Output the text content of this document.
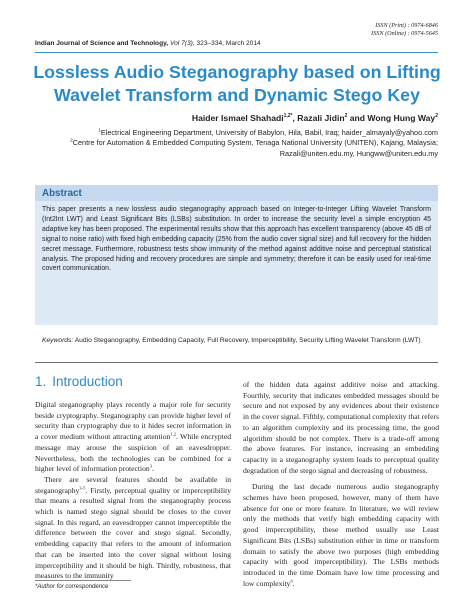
ISSN (Print) : 0974-6846
ISSN (Online) : 0974-5645
Indian Journal of Science and Technology, Vol 7(3), 323–334, March 2014
Lossless Audio Steganography based on Lifting
Wavelet Transform and Dynamic Stego Key
Haider Ismael Shahadi$^{1,2*}$, Razali Jidin$^2$ and Wong Hung Way$^2$
$^1$Electrical Engineering Department, University of Babylon, Hila, Babil, Iraq; haider_almayaly@yahoo.com
$^2$Centre for Automation & Embedded Computing System, Tenaga National University (UNITEN), Kajang, Malaysia;
Razali@uniten.edu.my, Hungww@uniten.edu.my
Abstract
This paper presents a new lossless audio steganography approach based on Integer-to-Integer Lifting Wavelet Transform (Int2Int LWT) and Least Significant Bits (LSBs) substitution. In order to increase the security level a simple encryption 45 adaptive key has been proposed. The experimental results show that this approach has excellent transparency (above 45 dB of signal to noise ratio) with fixed high embedding capacity (25% from the audio cover signal size) and full recovery for the hidden secret message. Furthermore, robustness tests show immunity of the method against additive noise and perceptual statistical analysis. The proposed hiding and recovery procedures are simple and symmetry; therefore it can be easily used for real-time covert communication.
Keywords: Audio Steganography, Embedding Capacity, Full Recovery, Imperceptibility, Security Lifting Wavelet Transform (LWT)
1. Introduction

Digital steganography plays recently a major role for security beside cryptography. Steganography can provide higher level of security than cryptography due to it hides secret information in a cover medium without attracting attention$^{1,2}$. While encrypted message may arouse the suspicion of an eavesdropper. Nevertheless, both the technologies can be combined for a higher level of information protection$^3$.

There are several features should be available in steganography$^{3-5}$. Firstly, perceptual quality or imperceptibility that means a resulted signal from the steganography process which is named stego signal should be closes to the cover signal. In this regard, an eavesdropper cannot imperceptible the difference between the cover and stego signal. Secondly, embedding capacity that refers to the amount of information that can be inserted into the cover signal without losing imperceptibility and it should be high. Thirdly, robustness, that measures to the immunity

of the hidden data against additive noise and attacking. Fourthly, security that indicates embedded messages should be secure and not exposed by any evidences about their existence in the cover signal. Fifthly, computational complexity that refers to an algorithm complexity and its processing time, the good algorithm should be not complex. There is a trade-off among the above features. For instance, increasing an embedding capacity in a steganography system leads to perceptual quality degradation of the stego signal and decreasing of robustness.

During the last decade numerous audio steganography schemes have been proposed, however, many of them have absence for one or more feature. In literature, we will review only the methods that verify high embedding capacity with good imperceptibility, these method usually use Least Significant Bits (LSBs) substitution either in time or transform domain to satisfy the above two purposes (high embedding capacity with good imperceptibility). The LSBs methods introduced in the time Domain have low time processing and low complexity$^6$.

*Author for correspondence
